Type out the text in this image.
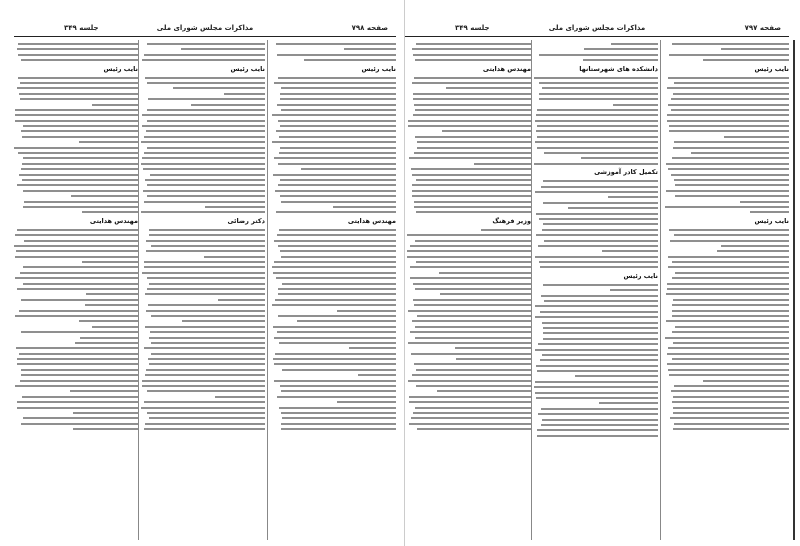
صفحه ۷۹۸
مذاکرات مجلس شورای ملی
جلسه ۳۴۹
نایب رئیس
مهندس هدایتی
نایب رئیس
دکتر رضائی
نایب رئیس
مهندس هدایتی
صفحه ۷۹۷
مذاکرات مجلس شورای ملی
جلسه ۳۴۹
نایب رئیس
نایب رئیس
دانشکده های شهرستانها
تکمیل کادر آموزشی
نایب رئیس
مهندس هدایتی
وزیر فرهنگ
